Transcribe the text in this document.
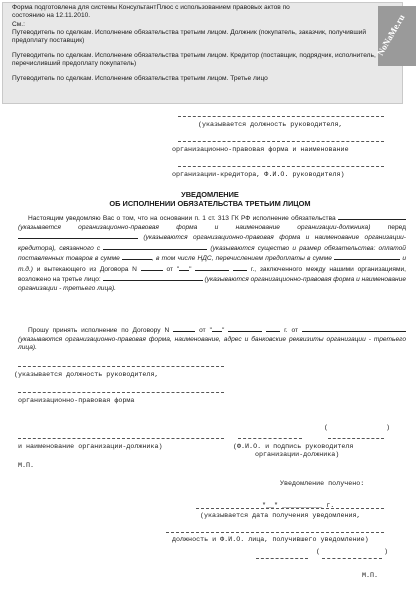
Форма подготовлена для системы КонсультантПлюс с использованием правовых актов по
состоянию на 12.11.2010.
См.:
Путеводитель по сделкам. Исполнение обязательства третьим лицом. Должник (покупатель, заказчик, получивший предоплату поставщик)
Путеводитель по сделкам. Исполнение обязательства третьим лицом. Кредитор (поставщик, подрядчик, исполнитель, перечисливший предоплату покупатель)
Путеводитель по сделкам. Исполнение обязательства третьим лицом. Третье лицо
NoNaMe.ru
(указывается должность руководителя,
организационно-правовая форма и наименование
организации-кредитора, Ф.И.О. руководителя)
УВЕДОМЛЕНИЕ
ОБ ИСПОЛНЕНИИ ОБЯЗАТЕЛЬСТВА ТРЕТЬИМ ЛИЦОМ
Настоящим уведомляю Вас о том, что на основании п. 1 ст. 313 ГК РФ исполнение обязательства  (указывается организационно-правовая форма и наименование организации-должника)	перед  (указываются организационно-правовая форма и наименование организации-кредитора), связанного с	(указываются существо и размер обязательства: оплатой поставленных товаров в сумме	, в том числе НДС, перечислением предоплаты в сумме	и т.д.) и вытекающего из Договора N	от " "	г., заключенного между нашими организациями, возложено на третье лицо:	(указываются организационно-правовая форма и наименование организации - третьего лица).
Прошу принять исполнение по Договору N	от " "	г. от  (указываются организационно-правовая форма, наименование, адрес и банковские реквизиты организации - третьего лица).
(указывается должность руководителя,
организационно-правовая форма
(	)
и наименование организации-должника)	(Ф.И.О. и подпись руководителя
организации-должника)
М.П.
Уведомление получено:
"__" __________ г.
(указывается дата получения уведомления,
должность и Ф.И.О. лица, получившего уведомление)
(	)
М.П.
